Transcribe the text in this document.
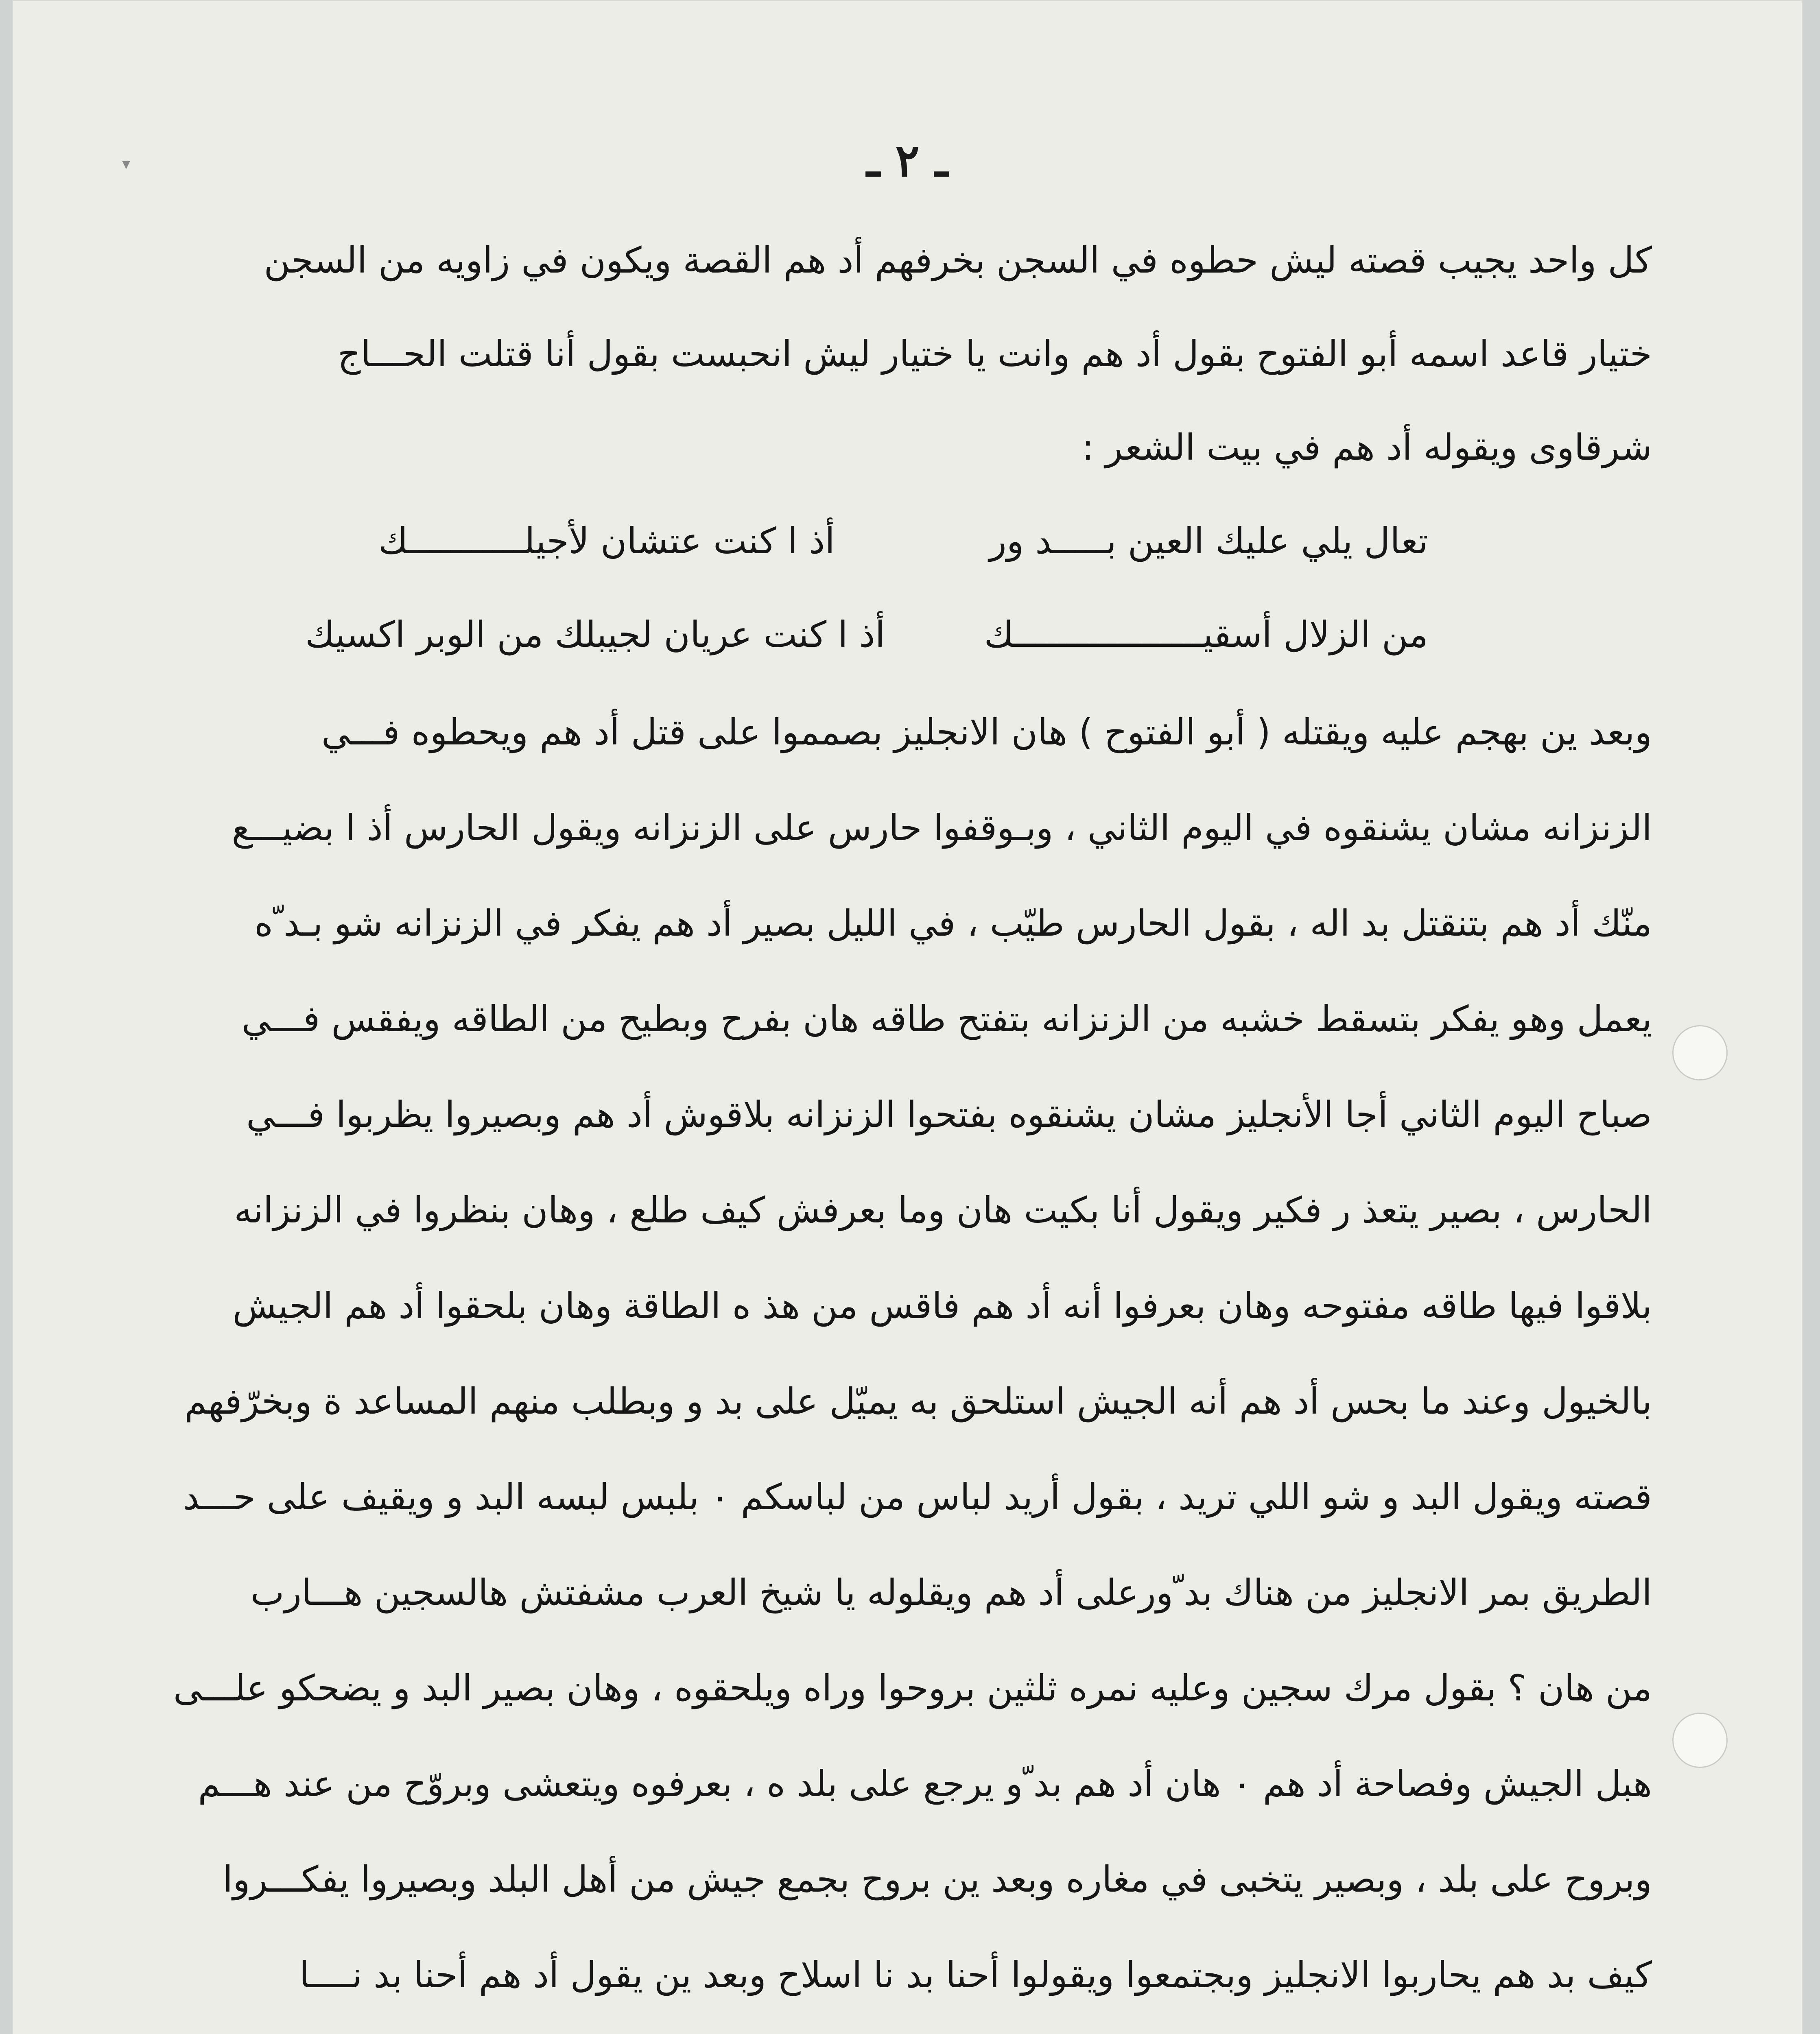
▾	ـ ٢ ـ
كل واحد يجيب قصته ليش حطوه في السجن بخرفهم أد هم القصة ويكون في زاويه من السجن
ختيار قاعد اسمه أبو الفتوح بقول أد هم وانت يا ختيار ليش انحبست بقول أنا قتلت الحـــاج
شرقاوى ويقوله أد هم في بيت الشعر :
تعال يلي عليك العين بـــــد ور
أذ ا كنت عتشان لأجيلـــــــــــك
من الزلال أسقيــــــــــــــــــك
أذ ا كنت عريان لجيبلك من الوبر اكسيك
وبعد ين بهجم عليه ويقتله ( أبو الفتوح ) هان الانجليز بصمموا على قتل أد هم ويحطوه فـــي
الزنزانه مشان يشنقوه في اليوم الثاني ، وبـوقفوا حارس على الزنزانه ويقول الحارس أذ ا بضيـــع
منّك أد هم بتنقتل بد اله ، بقول الحارس طيّب ، في الليل بصير أد هم يفكر في الزنزانه شو بـد ّه
يعمل وهو يفكر بتسقط خشبه من الزنزانه بتفتح طاقه هان بفرح وبطيح من الطاقه ويفقس فـــي
صباح اليوم الثاني أجا الأنجليز مشان يشنقوه بفتحوا الزنزانه بلاقوش أد هم وبصيروا يظربوا فـــي
الحارس ، بصير يتعذ ر فكير ويقول أنا بكيت هان وما بعرفش كيف طلع ، وهان بنظروا في الزنزانه
بلاقوا فيها طاقه مفتوحه وهان بعرفوا أنه أد هم فاقس من هذ ه الطاقة وهان بلحقوا أد هم الجيش
بالخيول وعند ما بحس أد هم أنه الجيش استلحق به يميّل على بد و وبطلب منهم المساعد ة وبخرّفهم
قصته ويقول البد و شو اللي تريد ، بقول أريد لباس من لباسكم ٠ بلبس لبسه البد و ويقيف على حـــد
الطريق بمر الانجليز من هناك بد ّورعلى أد هم ويقلوله يا شيخ العرب مشفتش هالسجين هـــارب
من هان ؟ بقول مرك سجين وعليه نمره ثلثين بروحوا وراه ويلحقوه ، وهان بصير البد و يضحكو علـــى
هبل الجيش وفصاحة أد هم ٠ هان أد هم بد ّو يرجع على بلد ه ، بعرفوه ويتعشى وبروّح من عند هـــم
وبروح على بلد ، وبصير يتخبى في مغاره وبعد ين بروح بجمع جيش من أهل البلد وبصيروا يفكـــروا
كيف بد هم يحاربوا الانجليز وبجتمعوا ويقولوا أحنا بد نا اسلاح وبعد ين يقول أد هم أحنا بد نــــا
